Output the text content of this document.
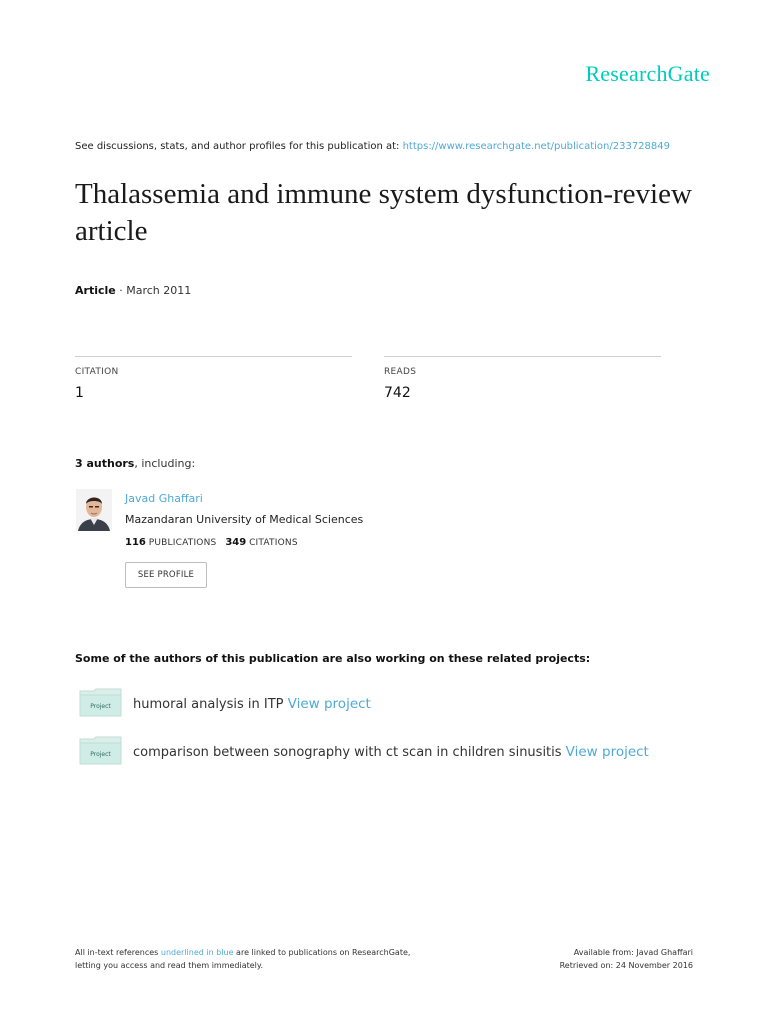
ResearchGate
See discussions, stats, and author profiles for this publication at: https://www.researchgate.net/publication/233728849
Thalassemia and immune system dysfunction-review article
Article · March 2011
CITATION
1
READS
742
3 authors, including:
Javad Ghaffari
Mazandaran University of Medical Sciences
116 PUBLICATIONS 349 CITATIONS
SEE PROFILE
Some of the authors of this publication are also working on these related projects:
Project humoral analysis in ITP View project
Project comparison between sonography with ct scan in children sinusitis View project
All in-text references underlined in blue are linked to publications on ResearchGate,
letting you access and read them immediately.
Available from: Javad Ghaffari
Retrieved on: 24 November 2016
